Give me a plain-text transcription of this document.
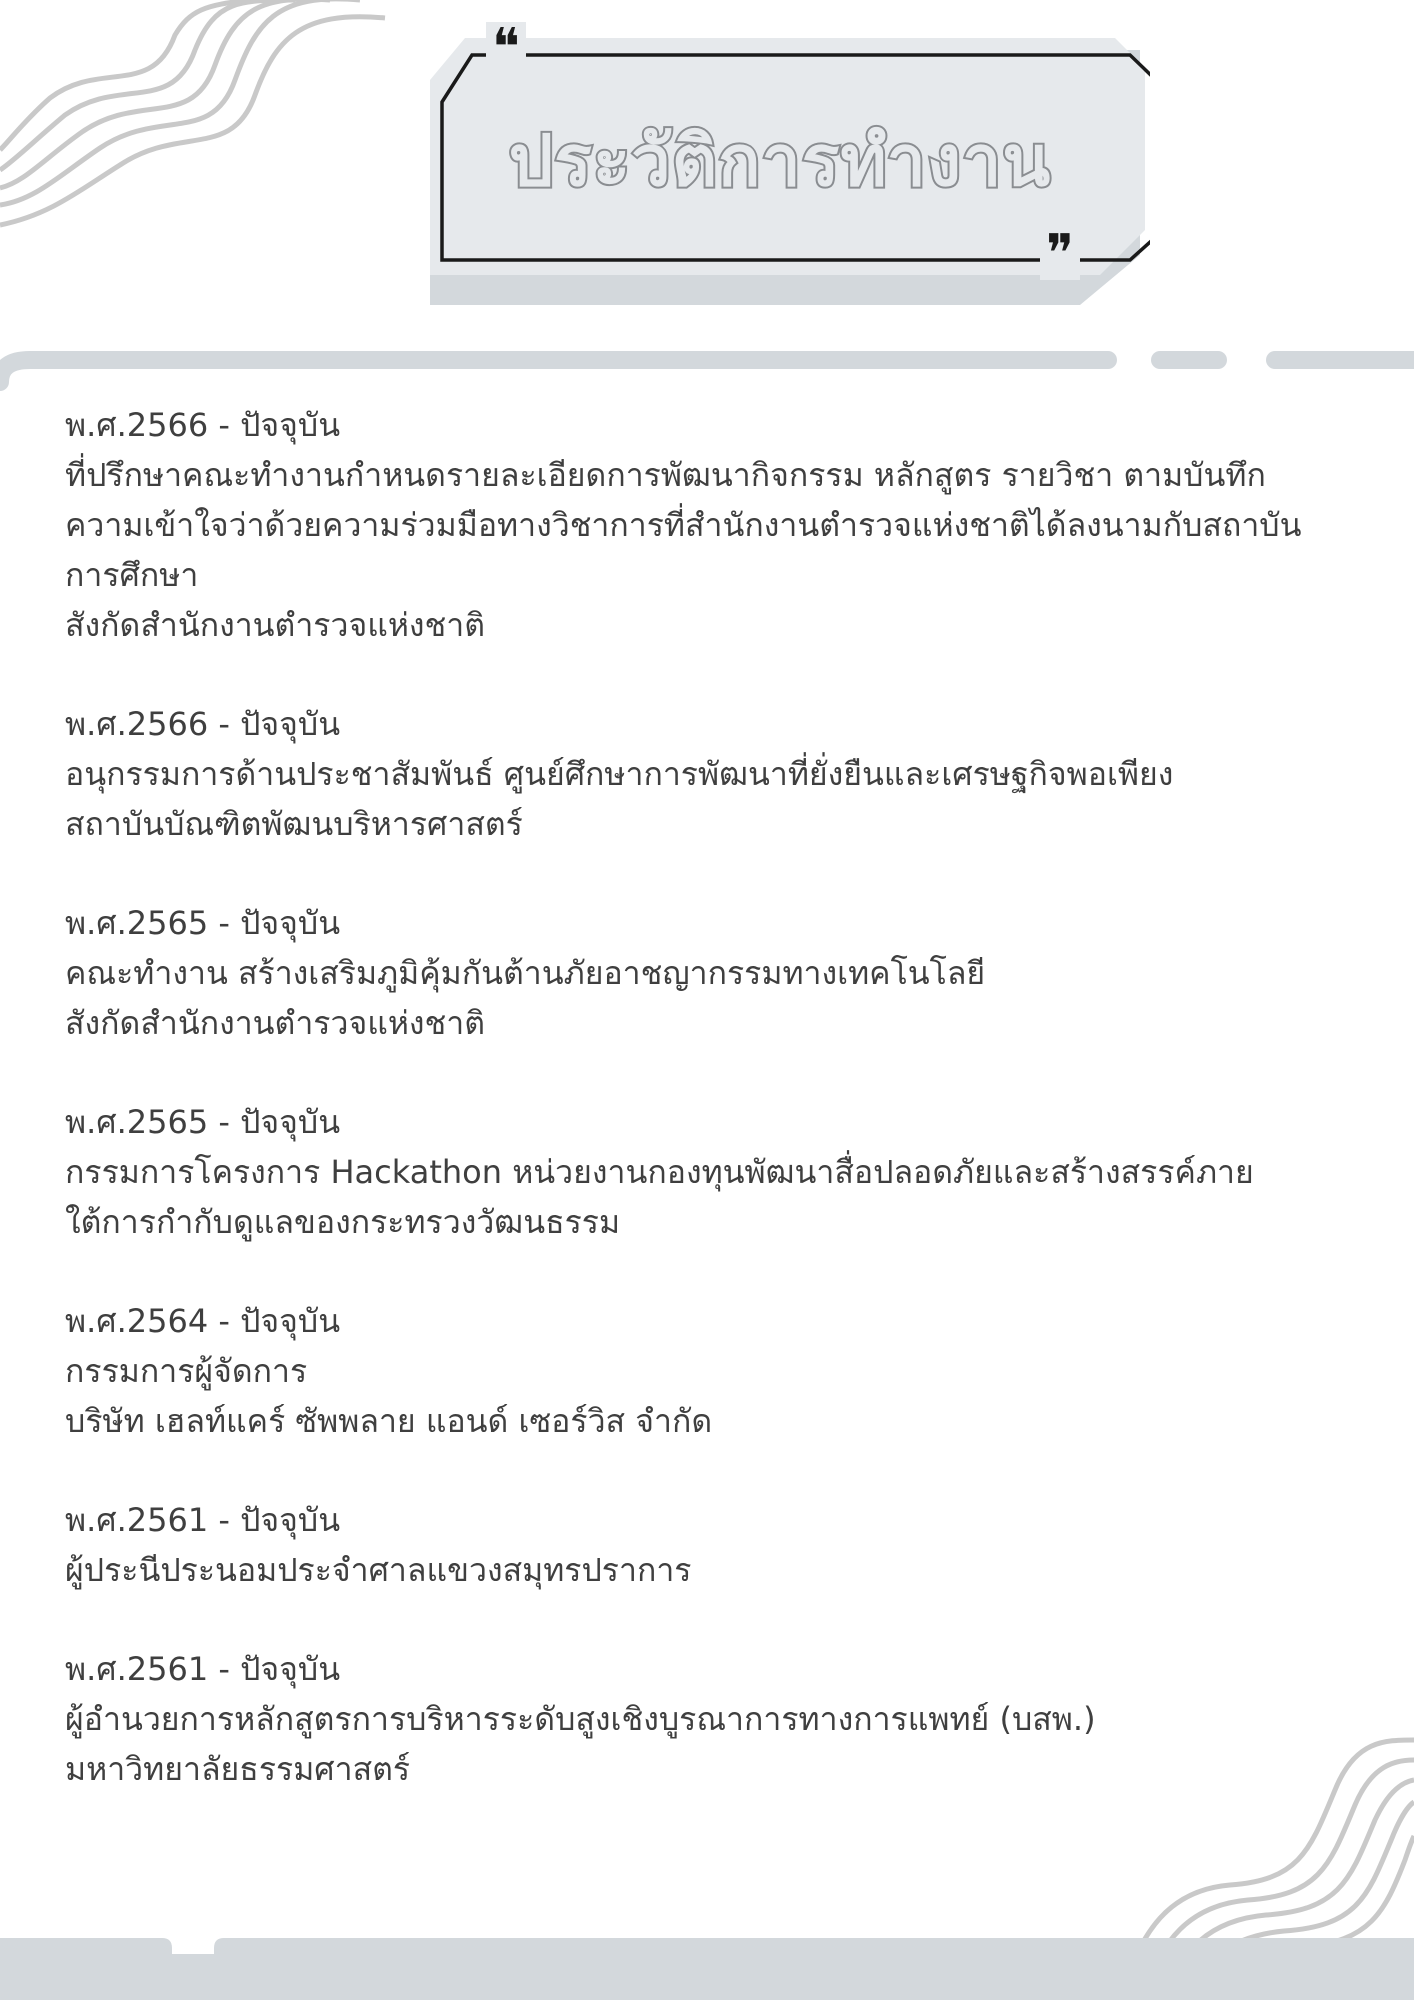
❝
❞
ประวัติการทำงาน

พ.ศ.2566 - ปัจจุบัน

ที่ปรึกษาคณะทำงานกำหนดรายละเอียดการพัฒนากิจกรรม หลักสูตร รายวิชา ตามบันทึก

ความเข้าใจว่าด้วยความร่วมมือทางวิชาการที่สำนักงานตำรวจแห่งชาติได้ลงนามกับสถาบัน

การศึกษา

สังกัดสำนักงานตำรวจแห่งชาติ

พ.ศ.2566 - ปัจจุบัน

อนุกรรมการด้านประชาสัมพันธ์ ศูนย์ศึกษาการพัฒนาที่ยั่งยืนและเศรษฐกิจพอเพียง

สถาบันบัณฑิตพัฒนบริหารศาสตร์

พ.ศ.2565 - ปัจจุบัน

คณะทำงาน สร้างเสริมภูมิคุ้มกันต้านภัยอาชญากรรมทางเทคโนโลยี

สังกัดสำนักงานตำรวจแห่งชาติ

พ.ศ.2565 - ปัจจุบัน

กรรมการโครงการ Hackathon หน่วยงานกองทุนพัฒนาสื่อปลอดภัยและสร้างสรรค์ภาย

ใต้การกำกับดูแลของกระทรวงวัฒนธรรม

พ.ศ.2564 - ปัจจุบัน

กรรมการผู้จัดการ

บริษัท เฮลท์แคร์ ซัพพลาย แอนด์ เซอร์วิส จำกัด

พ.ศ.2561 - ปัจจุบัน

ผู้ประนีประนอมประจำศาลแขวงสมุทรปราการ

พ.ศ.2561 - ปัจจุบัน

ผู้อำนวยการหลักสูตรการบริหารระดับสูงเชิงบูรณาการทางการแพทย์ (บสพ.)

มหาวิทยาลัยธรรมศาสตร์
